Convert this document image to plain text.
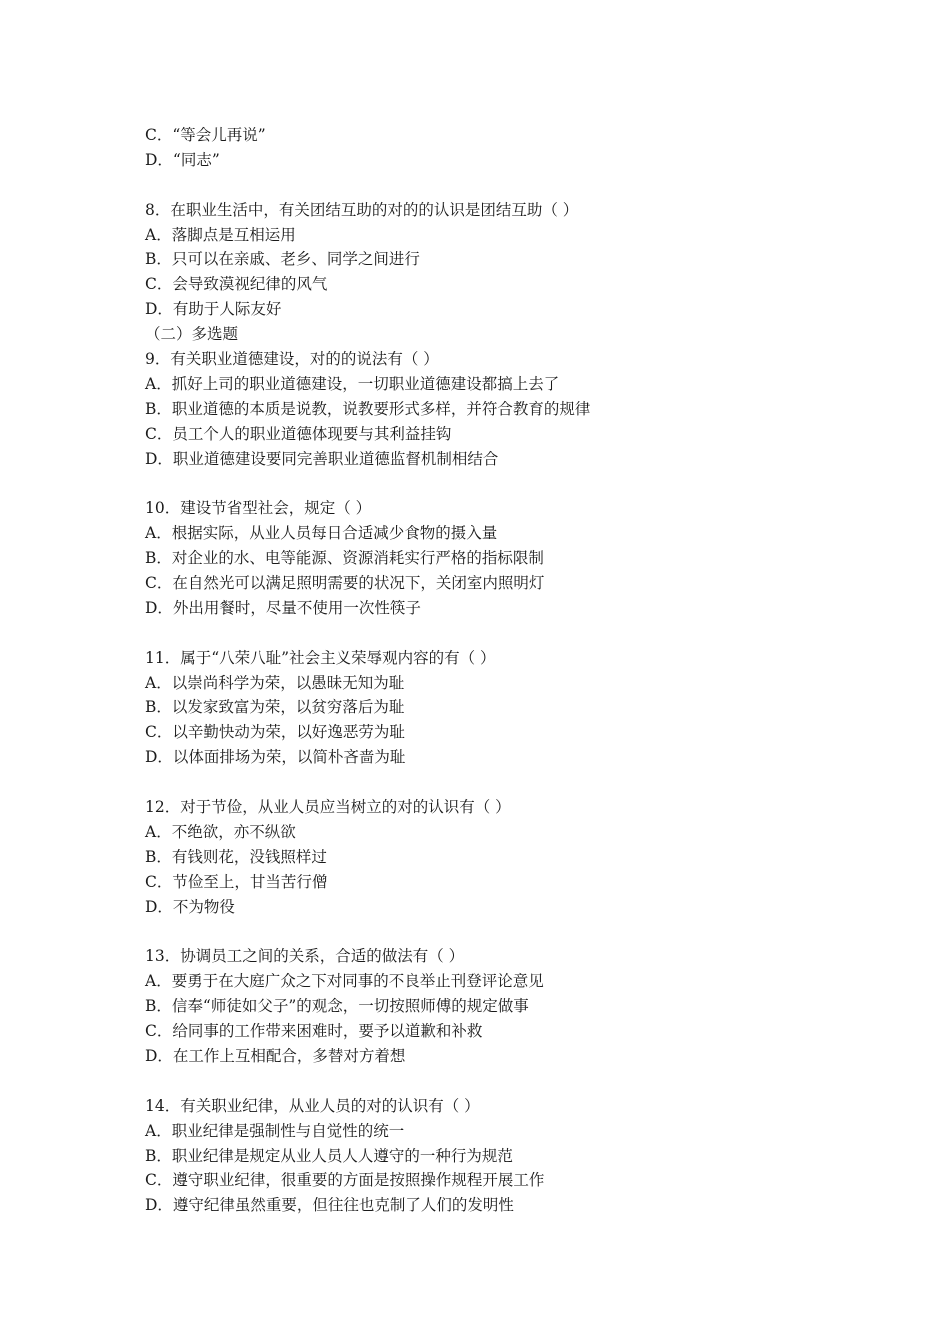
C．“等会儿再说”
D．“同志”
8．在职业生活中，有关团结互助的对的的认识是团结互助（ ）
A．落脚点是互相运用
B．只可以在亲戚、老乡、同学之间进行
C．会导致漠视纪律的风气
D．有助于人际友好
（二）多选题
9．有关职业道德建设，对的的说法有（ ）
A．抓好上司的职业道德建设，一切职业道德建设都搞上去了
B．职业道德的本质是说教，说教要形式多样，并符合教育的规律
C．员工个人的职业道德体现要与其利益挂钩
D．职业道德建设要同完善职业道德监督机制相结合
10．建设节省型社会，规定（ ）
A．根据实际，从业人员每日合适减少食物的摄入量
B．对企业的水、电等能源、资源消耗实行严格的指标限制
C．在自然光可以满足照明需要的状况下，关闭室内照明灯
D．外出用餐时，尽量不使用一次性筷子
11．属于“八荣八耻”社会主义荣辱观内容的有（ ）
A．以崇尚科学为荣，以愚昧无知为耻
B．以发家致富为荣，以贫穷落后为耻
C．以辛勤快动为荣，以好逸恶劳为耻
D．以体面排场为荣，以简朴吝啬为耻
12．对于节俭，从业人员应当树立的对的认识有（ ）
A．不绝欲，亦不纵欲
B．有钱则花，没钱照样过
C．节俭至上，甘当苦行僧
D．不为物役
13．协调员工之间的关系，合适的做法有（ ）
A．要勇于在大庭广众之下对同事的不良举止刊登评论意见
B．信奉“师徒如父子”的观念，一切按照师傅的规定做事
C．给同事的工作带来困难时，要予以道歉和补救
D．在工作上互相配合，多替对方着想
14．有关职业纪律，从业人员的对的认识有（ ）
A．职业纪律是强制性与自觉性的统一
B．职业纪律是规定从业人员人人遵守的一种行为规范
C．遵守职业纪律，很重要的方面是按照操作规程开展工作
D．遵守纪律虽然重要，但往往也克制了人们的发明性
